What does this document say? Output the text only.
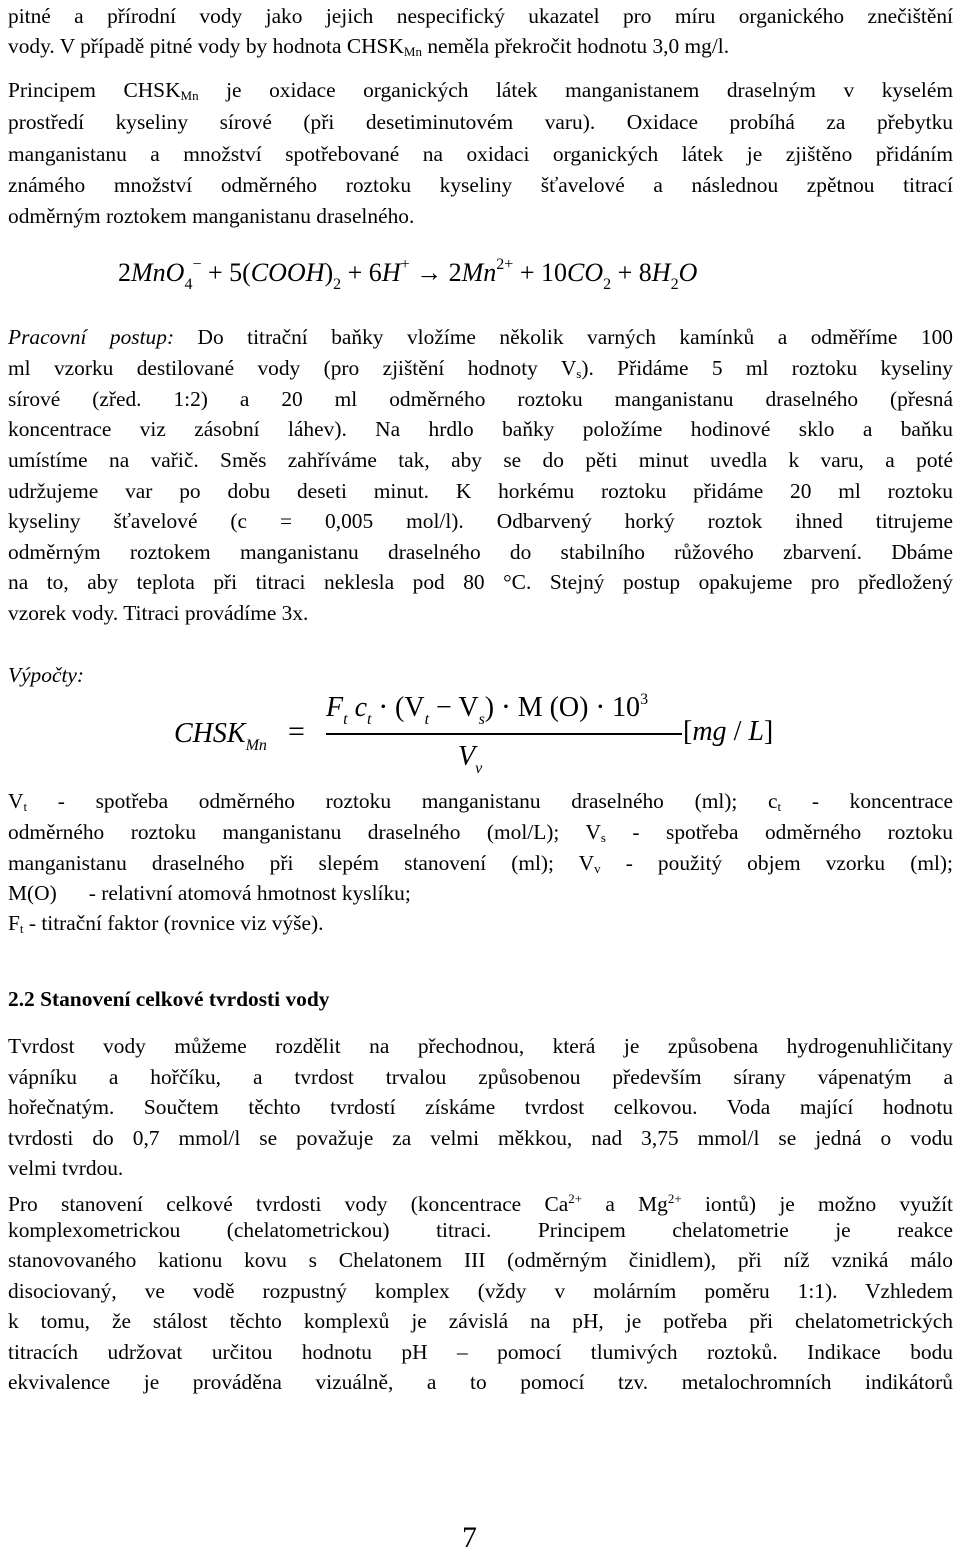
pitné a přírodní vody jako jejich nespecifický ukazatel pro míru organického znečištění
vody. V případě pitné vody by hodnota $CHSK_{Mn}$ neměla překročit hodnotu 3,0 mg/l.
Principem $CHSK_{Mn}$ je oxidace organických látek manganistanem draselným v kyselém
prostředí kyseliny sírové (při desetiminutovém varu). Oxidace probíhá za přebytku
manganistanu a množství spotřebované na oxidaci organických látek je zjištěno přidáním
známého množství odměrného roztoku kyseliny šťavelové a následnou zpětnou titrací
odměrným roztokem manganistanu draselného.
$2MnO_4^- + 5(COOH)_2 + 6H^+ \to 2Mn^{2+} + 10CO_2 + 8H_2O$
Pracovní postup: Do titrační baňky vložíme několik varných kamínků a odměříme 100
ml vzorku destilované vody (pro zjištění hodnoty $V_s$). Přidáme 5 ml roztoku kyseliny
sírové (zřed. 1:2) a 20 ml odměrného roztoku manganistanu draselného (přesná
koncentrace viz zásobní láhev). Na hrdlo baňky položíme hodinové sklo a baňku
umístíme na vařič. Směs zahříváme tak, aby se do pěti minut uvedla k varu, a poté
udržujeme var po dobu deseti minut. K horkému roztoku přidáme 20 ml roztoku
kyseliny šťavelové (c = 0,005 mol/l). Odbarvený horký roztok ihned titrujeme
odměrným roztokem manganistanu draselného do stabilního růžového zbarvení. Dbáme
na to, aby teplota při titraci neklesla pod 80 °C. Stejný postup opakujeme pro předložený
vzorek vody. Titraci provádíme 3x.
Výpočty:
$CHSK_{Mn}$ =
$F_t$ $c_t \cdot (V_t - V_s) \cdot M$ $(O) \cdot 10^3$
$V_v$
[mg / L]
$V_t$ - spotřeba odměrného roztoku manganistanu draselného (ml); $c_t$ - koncentrace
odměrného roztoku manganistanu draselného (mol/L); $V_s$ - spotřeba odměrného roztoku
manganistanu draselného při slepém stanovení (ml); $V_v$ - použitý objem vzorku (ml);
M(O)      - relativní atomová hmotnost kyslíku;
$F_t$ - titrační faktor (rovnice viz výše).
2.2 Stanovení celkové tvrdosti vody
Tvrdost vody můžeme rozdělit na přechodnou, která je způsobena hydrogenuhličitany
vápníku a hořčíku, a tvrdost trvalou způsobenou především sírany vápenatým a
hořečnatým. Součtem těchto tvrdostí získáme tvrdost celkovou. Voda mající hodnotu
tvrdosti do 0,7 mmol/l se považuje za velmi měkkou, nad 3,75 mmol/l se jedná o vodu
velmi tvrdou.
Pro stanovení celkové tvrdosti vody (koncentrace $Ca^{2+}$ a $Mg^{2+}$ iontů) je možno využít
komplexometrickou (chelatometrickou) titraci. Principem chelatometrie je reakce
stanovovaného kationu kovu s Chelatonem III (odměrným činidlem), při níž vzniká málo
disociovaný, ve vodě rozpustný komplex (vždy v molárním poměru 1:1). Vzhledem
k tomu, že stálost těchto komplexů je závislá na pH, je potřeba při chelatometrických
titracích udržovat určitou hodnotu pH – pomocí tlumivých roztoků. Indikace bodu
ekvivalence je prováděna vizuálně, a to pomocí tzv. metalochromních indikátorů
7
